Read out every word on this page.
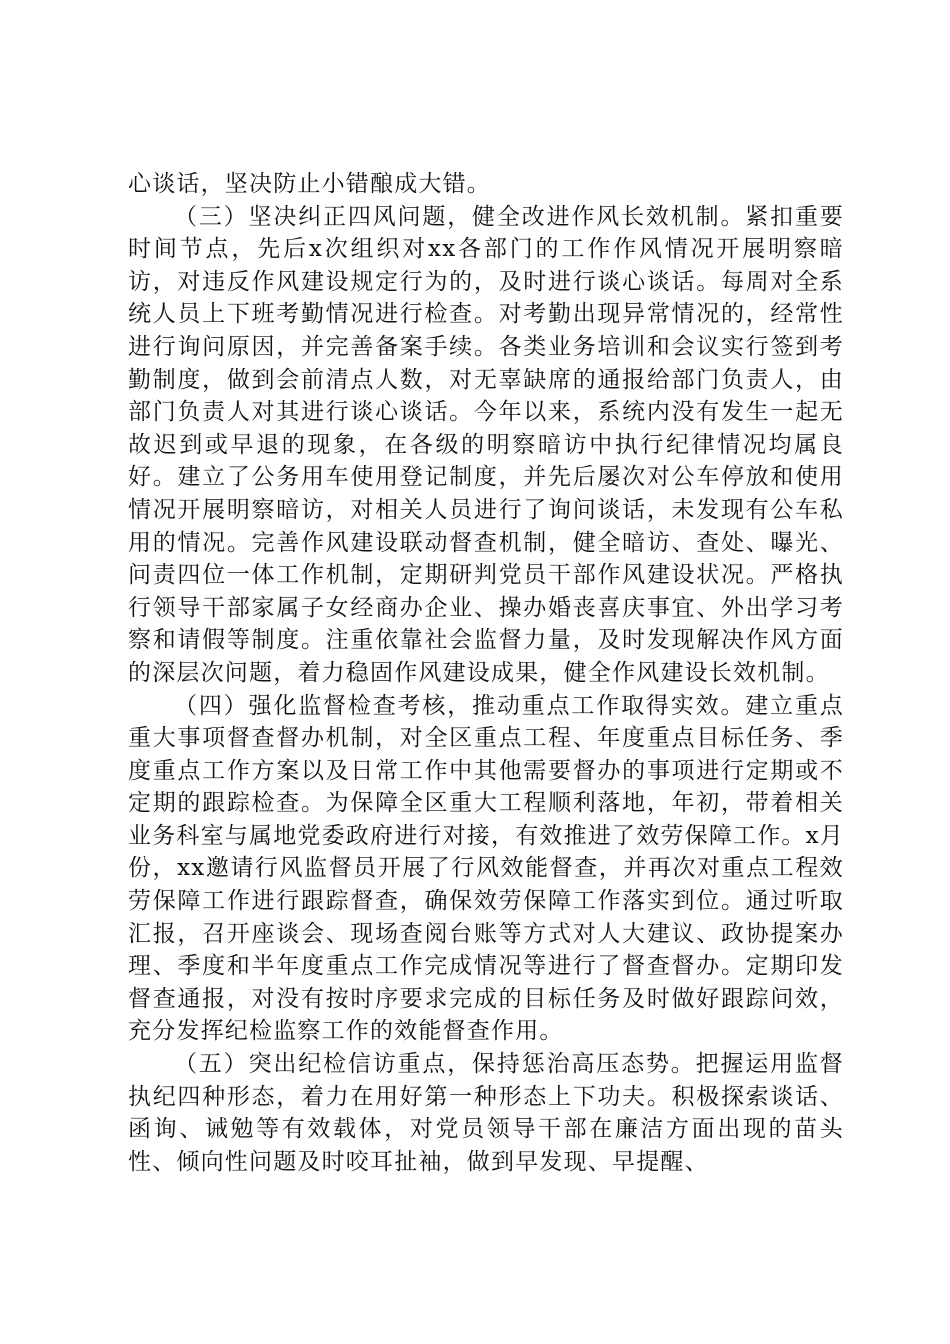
心谈话，坚决防止小错酿成大错。

（三）坚决纠正四风问题，健全改进作风长效机制。紧扣重要时间节点，先后x次组织对xx各部门的工作作风情况开展明察暗访，对违反作风建设规定行为的，及时进行谈心谈话。每周对全系统人员上下班考勤情况进行检查。对考勤出现异常情况的，经常性进行询问原因，并完善备案手续。各类业务培训和会议实行签到考勤制度，做到会前清点人数，对无辜缺席的通报给部门负责人，由部门负责人对其进行谈心谈话。今年以来，系统内没有发生一起无故迟到或早退的现象，在各级的明察暗访中执行纪律情况均属良好。建立了公务用车使用登记制度，并先后屡次对公车停放和使用情况开展明察暗访，对相关人员进行了询问谈话，未发现有公车私用的情况。完善作风建设联动督查机制，健全暗访、查处、曝光、问责四位一体工作机制，定期研判党员干部作风建设状况。严格执行领导干部家属子女经商办企业、操办婚丧喜庆事宜、外出学习考察和请假等制度。注重依靠社会监督力量，及时发现解决作风方面的深层次问题，着力稳固作风建设成果，健全作风建设长效机制。

（四）强化监督检查考核，推动重点工作取得实效。建立重点重大事项督查督办机制，对全区重点工程、年度重点目标任务、季度重点工作方案以及日常工作中其他需要督办的事项进行定期或不定期的跟踪检查。为保障全区重大工程顺利落地，年初，带着相关业务科室与属地党委政府进行对接，有效推进了效劳保障工作。x月份，xx邀请行风监督员开展了行风效能督查，并再次对重点工程效劳保障工作进行跟踪督查，确保效劳保障工作落实到位。通过听取汇报，召开座谈会、现场查阅台账等方式对人大建议、政协提案办理、季度和半年度重点工作完成情况等进行了督查督办。定期印发督查通报，对没有按时序要求完成的目标任务及时做好跟踪问效，充分发挥纪检监察工作的效能督查作用。

（五）突出纪检信访重点，保持惩治高压态势。把握运用监督执纪四种形态，着力在用好第一种形态上下功夫。积极探索谈话、函询、诫勉等有效载体，对党员领导干部在廉洁方面出现的苗头性、倾向性问题及时咬耳扯袖，做到早发现、早提醒、
